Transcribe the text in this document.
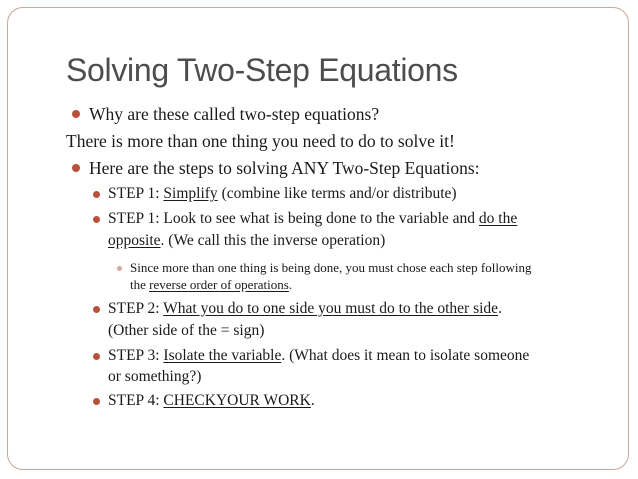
Solving Two-Step Equations
Why are these called two-step equations?
There is more than one thing you need to do to solve it!
Here are the steps to solving ANY Two-Step Equations:
STEP 1: Simplify (combine like terms and/or distribute)
STEP 1: Look to see what is being done to the variable and do the
opposite. (We call this the inverse operation)
Since more than one thing is being done, you must chose each step following
the reverse order of operations.
STEP 2: What you do to one side you must do to the other side.
(Other side of the = sign)
STEP 3: Isolate the variable. (What does it mean to isolate someone
or something?)
STEP 4: CHECKYOUR WORK.
